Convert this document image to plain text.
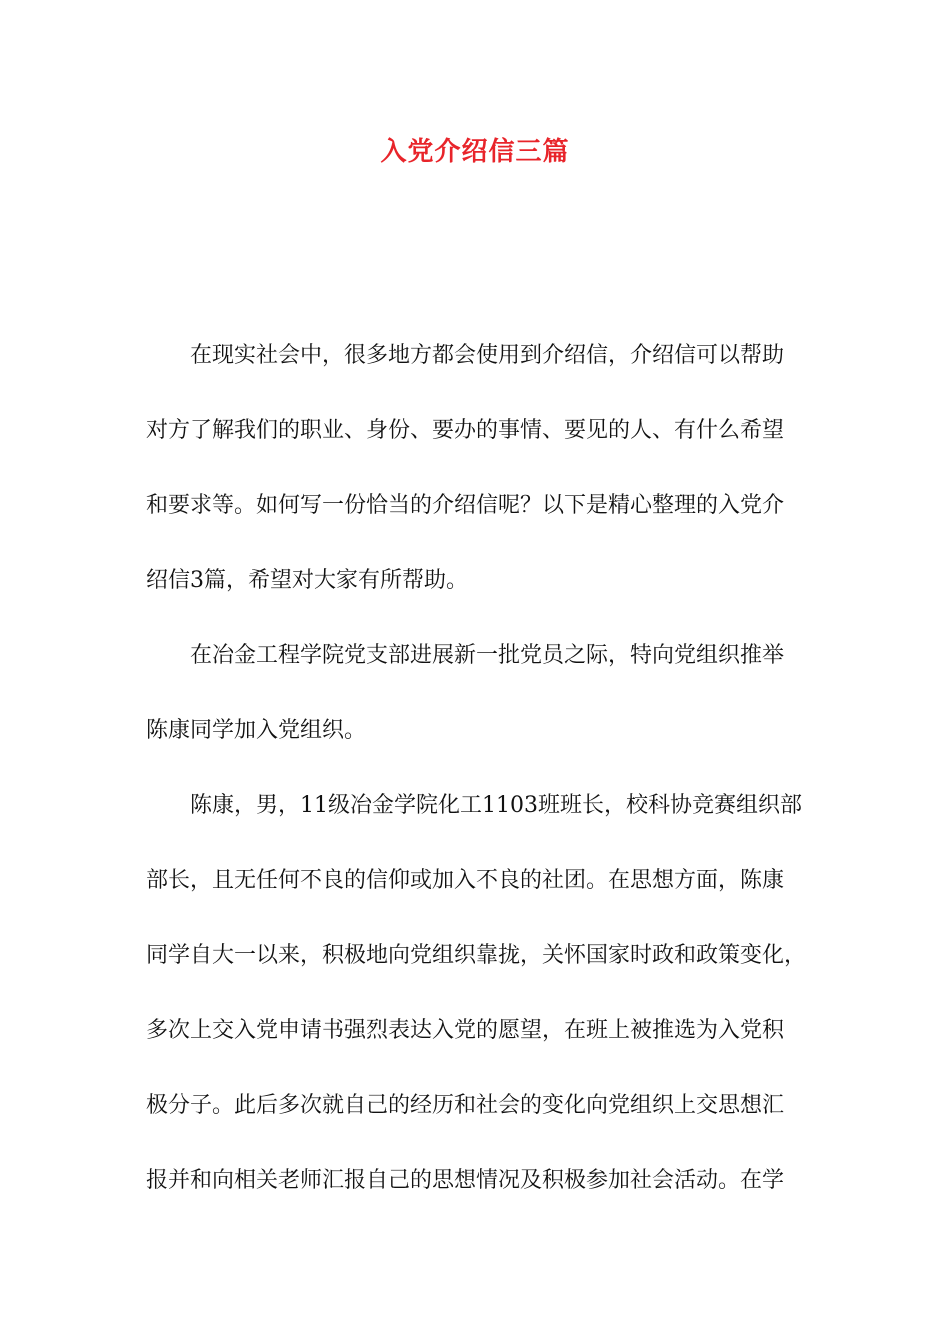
入党介绍信三篇

在现实社会中，很多地方都会使用到介绍信，介绍信可以帮助
对方了解我们的职业、身份、要办的事情、要见的人、有什么希望
和要求等。如何写一份恰当的介绍信呢？以下是精心整理的入党介
绍信3篇，希望对大家有所帮助。

在冶金工程学院党支部进展新一批党员之际，特向党组织推举
陈康同学加入党组织。

陈康，男，11级冶金学院化工1103班班长，校科协竞赛组织部
部长，且无任何不良的信仰或加入不良的社团。在思想方面，陈康
同学自大一以来，积极地向党组织靠拢，关怀国家时政和政策变化，
多次上交入党申请书强烈表达入党的愿望，在班上被推选为入党积
极分子。此后多次就自己的经历和社会的变化向党组织上交思想汇
报并和向相关老师汇报自己的思想情况及积极参加社会活动。在学
